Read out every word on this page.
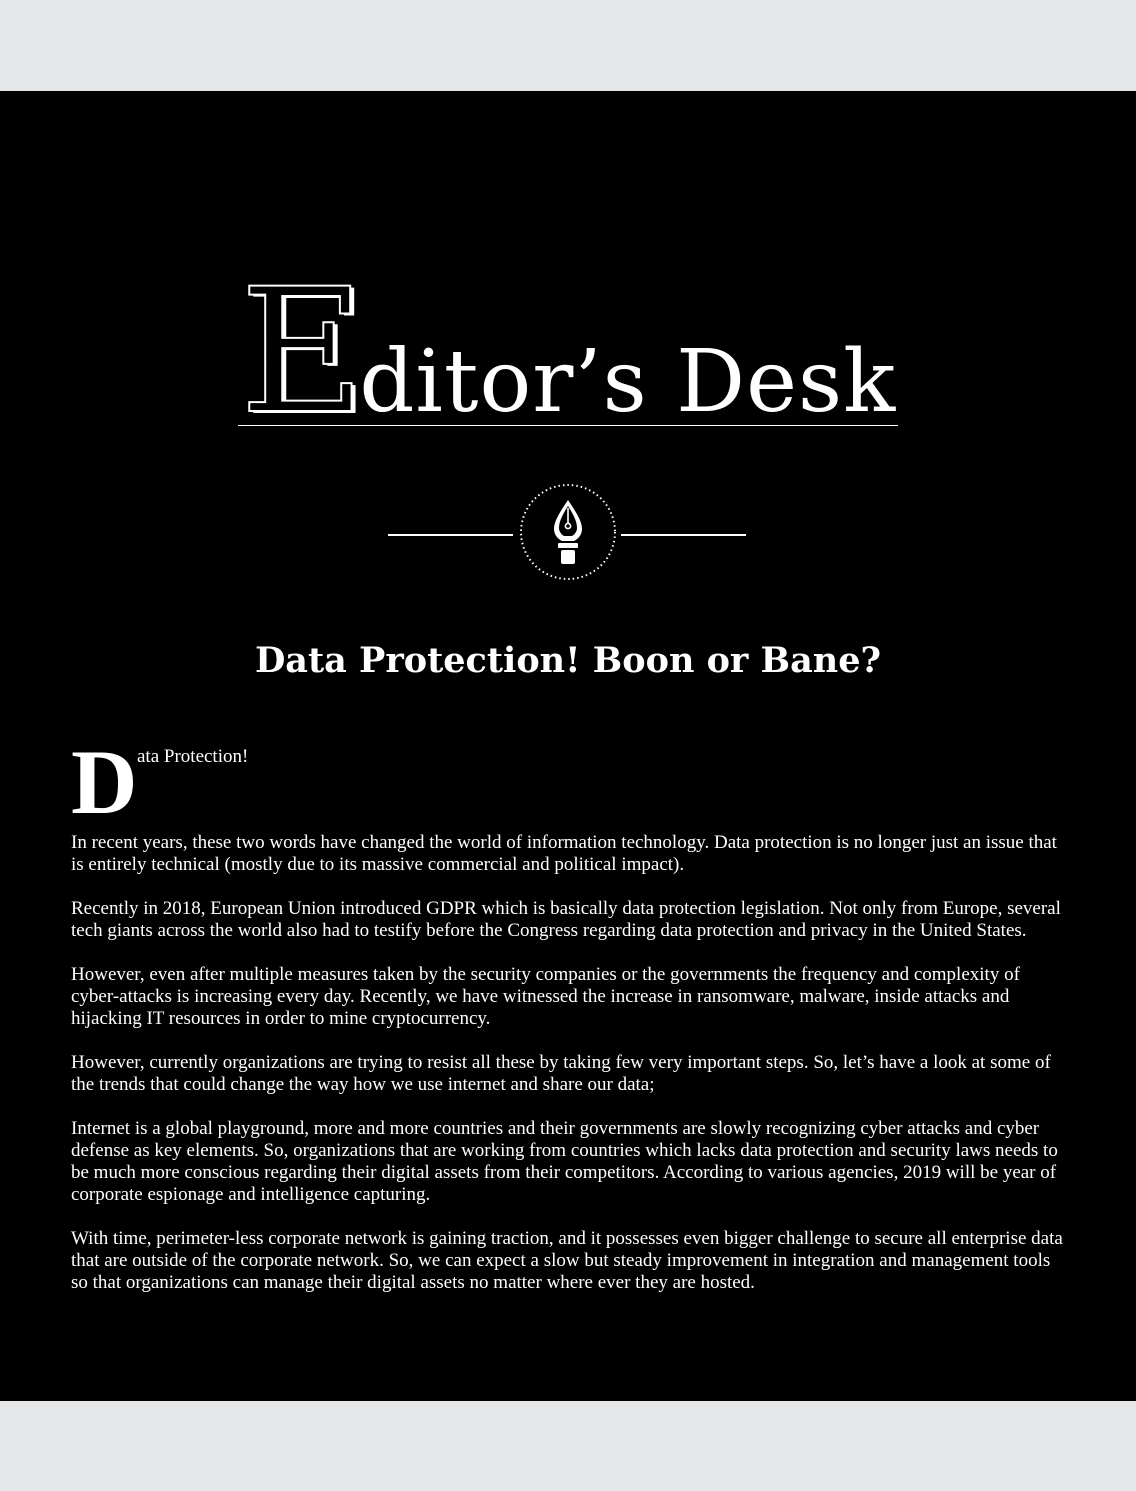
Editor’s Desk
Data Protection! Boon or Bane?
D ata Protection!

In recent years, these two words have changed the world of information technology. Data protection is no longer just an issue that is entirely technical (mostly due to its massive commercial and political impact).

Recently in 2018, European Union introduced GDPR which is basically data protection legislation. Not only from Europe, several tech giants across the world also had to testify before the Congress regarding data protection and privacy in the United States.

However, even after multiple measures taken by the security companies or the governments the frequency and complexity of cyber-attacks is increasing every day. Recently, we have witnessed the increase in ransomware, malware, inside attacks and hijacking IT resources in order to mine cryptocurrency.

However, currently organizations are trying to resist all these by taking few very important steps. So, let’s have a look at some of the trends that could change the way how we use internet and share our data;

Internet is a global playground, more and more countries and their governments are slowly recognizing cyber attacks and cyber defense as key elements. So, organizations that are working from countries which lacks data protection and security laws needs to be much more conscious regarding their digital assets from their competitors. According to various agencies, 2019 will be year of corporate espionage and intelligence capturing.

With time, perimeter-less corporate network is gaining traction, and it possesses even bigger challenge to secure all enterprise data that are outside of the corporate network. So, we can expect a slow but steady improvement in integration and management tools so that organizations can manage their digital assets no matter where ever they are hosted.
